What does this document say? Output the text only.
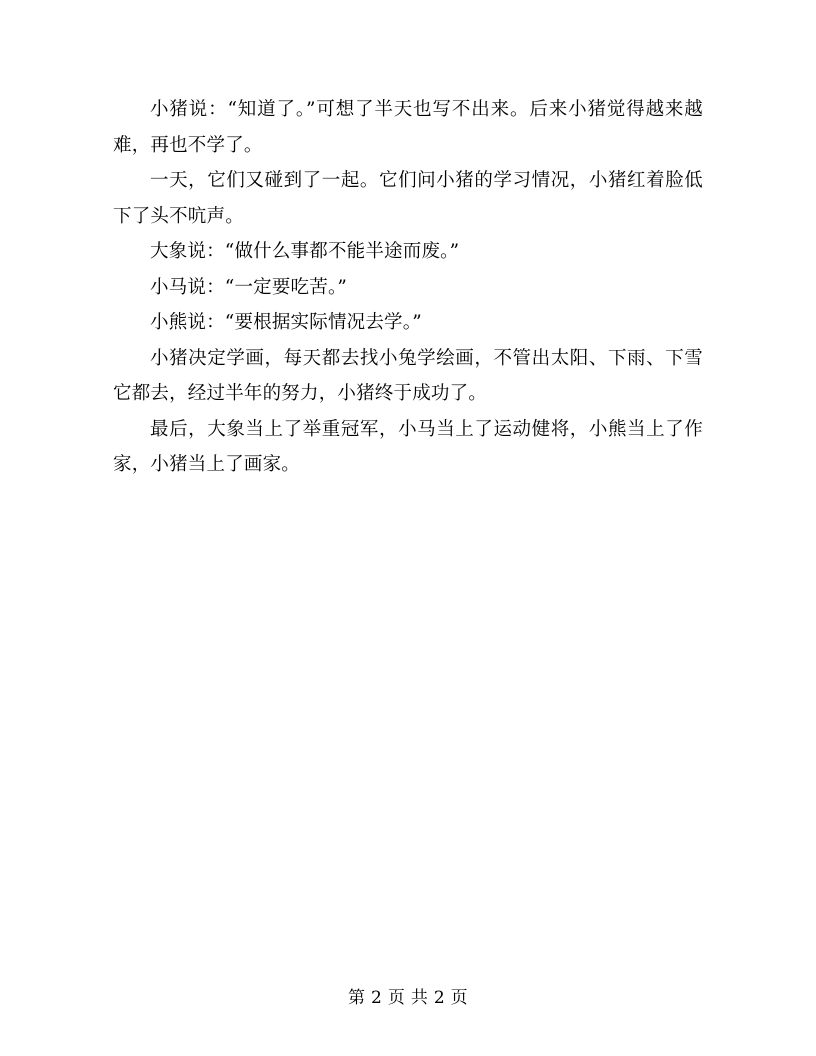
小猪说：“知道了。”可想了半天也写不出来。后来小猪觉得越来越难，再也不学了。

一天，它们又碰到了一起。它们问小猪的学习情况，小猪红着脸低下了头不吭声。

大象说：“做什么事都不能半途而废。”

小马说：“一定要吃苦。”

小熊说：“要根据实际情况去学。”

小猪决定学画，每天都去找小兔学绘画，不管出太阳、下雨、下雪它都去，经过半年的努力，小猪终于成功了。

最后，大象当上了举重冠军，小马当上了运动健将，小熊当上了作家，小猪当上了画家。

第 2 页 共 2 页
